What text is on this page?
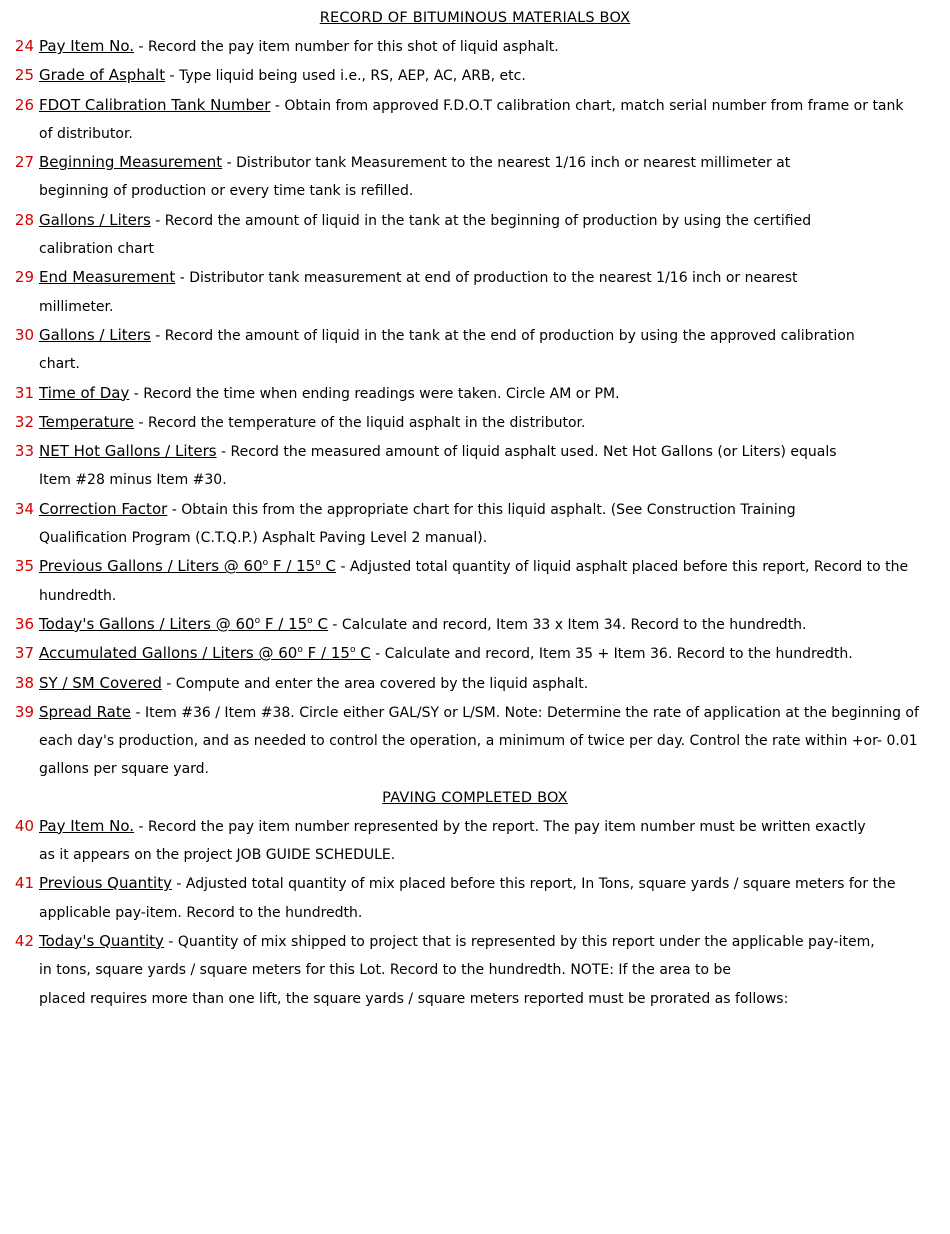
RECORD OF BITUMINOUS MATERIALS BOX
24 Pay Item No. - Record the pay item number for this shot of liquid asphalt.
25 Grade of Asphalt - Type liquid being used i.e., RS, AEP, AC, ARB, etc.
26 FDOT Calibration Tank Number - Obtain from approved F.D.O.T calibration chart, match serial number from frame or tank
of distributor.
27 Beginning Measurement - Distributor tank Measurement to the nearest 1/16 inch or nearest millimeter at
beginning of production or every time tank is refilled.
28 Gallons / Liters - Record the amount of liquid in the tank at the beginning of production by using the certified
calibration chart
29 End Measurement - Distributor tank measurement at end of production to the nearest 1/16 inch or nearest
millimeter.
30 Gallons / Liters - Record the amount of liquid in the tank at the end of production by using the approved calibration
chart.
31 Time of Day - Record the time when ending readings were taken. Circle AM or PM.
32 Temperature - Record the temperature of the liquid asphalt in the distributor.
33 NET Hot Gallons / Liters - Record the measured amount of liquid asphalt used. Net Hot Gallons (or Liters) equals
Item #28 minus Item #30.
34 Correction Factor - Obtain this from the appropriate chart for this liquid asphalt. (See Construction Training
Qualification Program (C.T.Q.P.) Asphalt Paving Level 2 manual).
35 Previous Gallons / Liters @ 60$^o$ F / 15$^o$ C - Adjusted total quantity of liquid asphalt placed before this report, Record to the
hundredth.
36 Today's Gallons / Liters @ 60$^o$ F / 15$^o$ C - Calculate and record, Item 33 x Item 34. Record to the hundredth.
37 Accumulated Gallons / Liters @ 60$^o$ F / 15$^o$ C - Calculate and record, Item 35 + Item 36. Record to the hundredth.
38 SY / SM Covered - Compute and enter the area covered by the liquid asphalt.
39 Spread Rate - Item #36 / Item #38. Circle either GAL/SY or L/SM. Note: Determine the rate of application at the beginning of
each day's production, and as needed to control the operation, a minimum of twice per day. Control the rate within +or- 0.01
gallons per square yard.
PAVING COMPLETED BOX
40 Pay Item No. - Record the pay item number represented by the report. The pay item number must be written exactly
as it appears on the project JOB GUIDE SCHEDULE.
41 Previous Quantity - Adjusted total quantity of mix placed before this report, In Tons, square yards / square meters for the
applicable pay-item. Record to the hundredth.
42 Today's Quantity - Quantity of mix shipped to project that is represented by this report under the applicable pay-item,
in tons, square yards / square meters for this Lot. Record to the hundredth. NOTE: If the area to be
placed requires more than one lift, the square yards / square meters reported must be prorated as follows:
